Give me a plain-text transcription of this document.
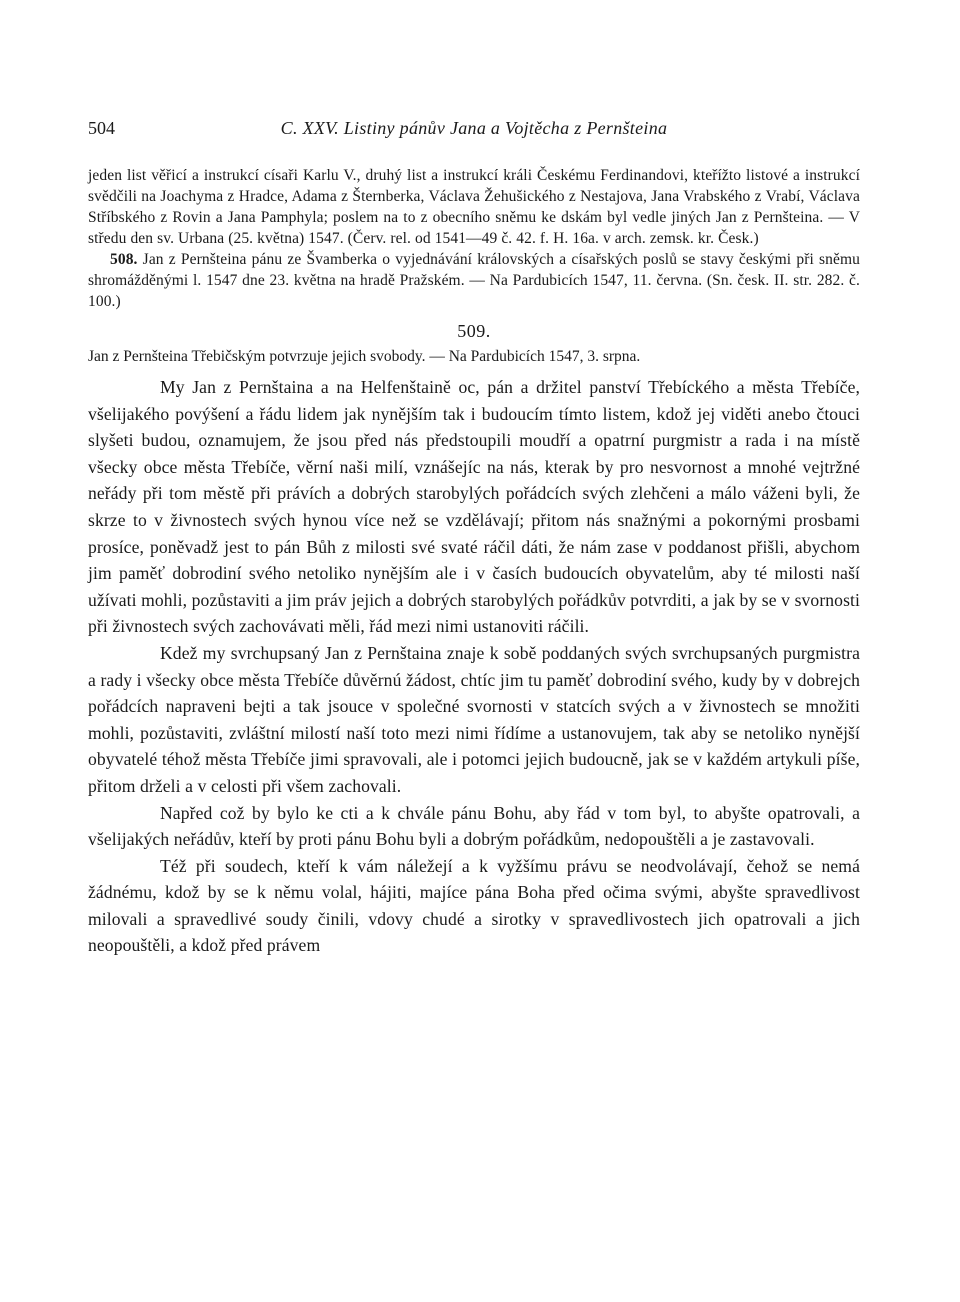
504	C. XXV. Listiny pánův Jana a Vojtěcha z Pernšteina

jeden list věřicí a instrukcí císaři Karlu V., druhý list a instrukcí králi Českému Ferdinandovi, kteřížto listové a instrukcí svědčili na Joachyma z Hradce, Adama z Šternberka, Václava Žehušického z Nestajova, Jana Vrabského z Vrabí, Václava Stříbského z Rovin a Jana Pamphyla; poslem na to z obecního sněmu ke dskám byl vedle jiných Jan z Pernšteina. — V středu den sv. Urbana (25. května) 1547. (Červ. rel. od 1541—49 č. 42. f. H. 16a. v arch. zemsk. kr. Česk.)

508. Jan z Pernšteina pánu ze Švamberka o vyjednávání královských a císařských poslů se stavy českými při sněmu shromážděnými l. 1547 dne 23. května na hradě Pražském. — Na Pardubicích 1547, 11. června. (Sn. česk. II. str. 282. č. 100.)

509.
Jan z Pernšteina Třebičským potvrzuje jejich svobody. — Na Pardubicích 1547, 3. srpna.

My Jan z Pernštaina a na Helfenštaině oc, pán a držitel panství Třebíckého a města Třebíče, všelijakého povýšení a řádu lidem jak nynějším tak i budoucím tímto listem, kdož jej viděti anebo čtouci slyšeti budou, oznamujem, že jsou před nás předstoupili moudří a opatrní purgmistr a rada i na místě všecky obce města Třebíče, věrní naši milí, vznášejíc na nás, kterak by pro nesvornost a mnohé vejtržné neřády při tom městě při právích a dobrých starobylých pořádcích svých zlehčeni a málo váženi byli, že skrze to v živnostech svých hynou více než se vzdělávají; přitom nás snažnými a pokornými prosbami prosíce, poněvadž jest to pán Bůh z milosti své svaté ráčil dáti, že nám zase v poddanost přišli, abychom jim paměť dobrodiní svého netoliko nynějším ale i v časích budoucích obyvatelům, aby té milosti naší užívati mohli, pozůstaviti a jim práv jejich a dobrých starobylých pořádkův potvrditi, a jak by se v svornosti při živnostech svých zachovávati měli, řád mezi nimi ustanoviti ráčili.

Kdež my svrchupsaný Jan z Pernštaina znaje k sobě poddaných svých svrchupsaných purgmistra a rady i všecky obce města Třebíče důvěrnú žádost, chtíc jim tu paměť dobrodiní svého, kudy by v dobrejch pořádcích napraveni bejti a tak jsouce v společné svornosti v statcích svých a v živnostech se množiti mohli, pozůstaviti, zvláštní milostí naší toto mezi nimi řídíme a ustanovujem, tak aby se netoliko nynější obyvatelé téhož města Třebíče jimi spravovali, ale i potomci jejich budoucně, jak se v každém artykuli píše, přitom drželi a v celosti při všem zachovali.

Napřed což by bylo ke cti a k chvále pánu Bohu, aby řád v tom byl, to abyšte opatrovali, a všelijakých neřádův, kteří by proti pánu Bohu byli a dobrým pořádkům, nedopouštěli a je zastavovali.

Též při soudech, kteří k vám náležejí a k vyžšímu právu se neodvolávají, čehož se nemá žádnému, kdož by se k němu volal, hájiti, majíce pána Boha před očima svými, abyšte spravedlivost milovali a spravedlivé soudy činili, vdovy chudé a sirotky v spravedlivostech jich opatrovali a jich neopouštěli, a kdož před právem
